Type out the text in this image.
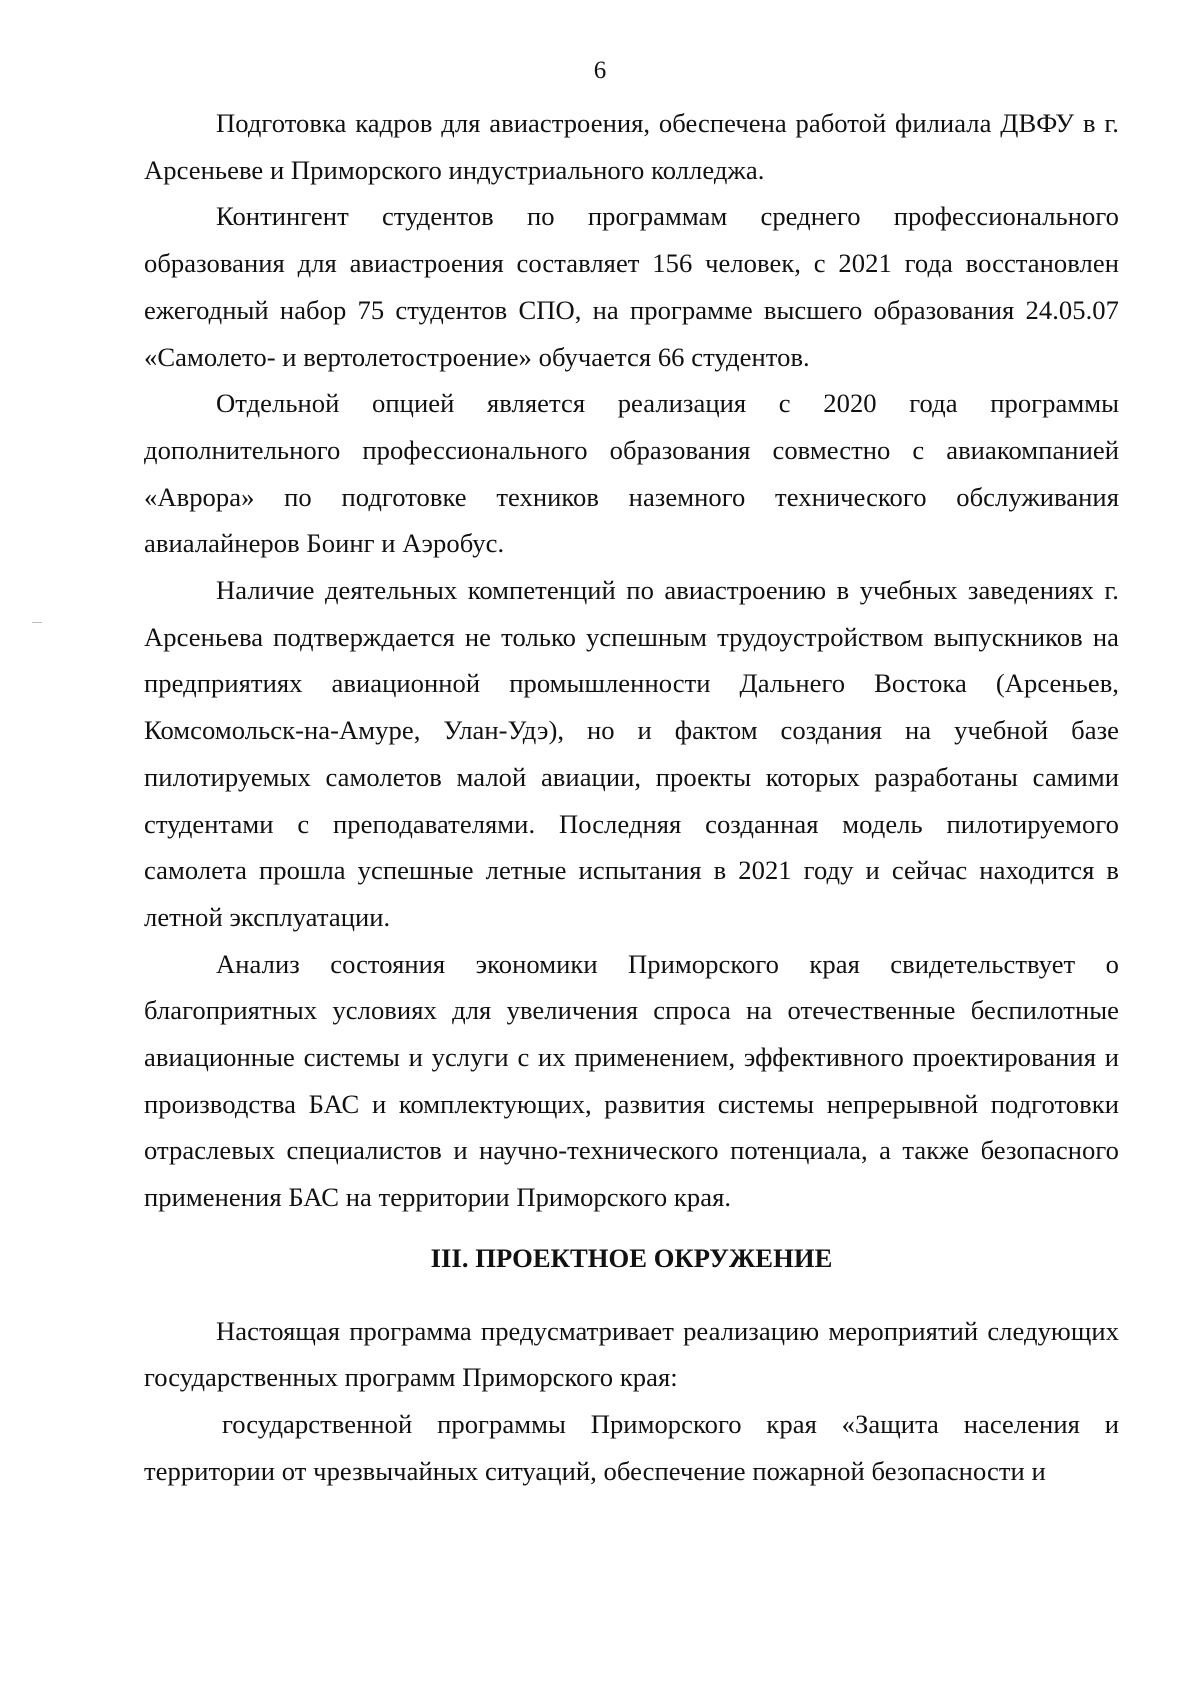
6

Подготовка кадров для авиастроения, обеспечена работой филиала ДВФУ в г. Арсеньеве и Приморского индустриального колледжа.

Контингент студентов по программам среднего профессионального образования для авиастроения составляет 156 человек, с 2021 года восстановлен ежегодный набор 75 студентов СПО, на программе высшего образования 24.05.07 «Самолето- и вертолетостроение» обучается 66 студентов.

Отдельной опцией является реализация с 2020 года программы дополнительного профессионального образования совместно с авиакомпанией «Аврора» по подготовке техников наземного технического обслуживания авиалайнеров Боинг и Аэробус.

Наличие деятельных компетенций по авиастроению в учебных заведениях г. Арсеньева подтверждается не только успешным трудоустройством выпускников на предприятиях авиационной промышленности Дальнего Востока (Арсеньев, Комсомольск-на-Амуре, Улан-Удэ), но и фактом создания на учебной базе пилотируемых самолетов малой авиации, проекты которых разработаны самими студентами с преподавателями. Последняя созданная модель пилотируемого самолета прошла успешные летные испытания в 2021 году и сейчас находится в летной эксплуатации.

Анализ состояния экономики Приморского края свидетельствует о благоприятных условиях для увеличения спроса на отечественные беспилотные авиационные системы и услуги с их применением, эффективного проектирования и производства БАС и комплектующих, развития системы непрерывной подготовки отраслевых специалистов и научно-технического потенциала, а также безопасного применения БАС на территории Приморского края.

III. ПРОЕКТНОЕ ОКРУЖЕНИЕ

Настоящая программа предусматривает реализацию мероприятий следующих государственных программ Приморского края:

государственной программы Приморского края «Защита населения и территории от чрезвычайных ситуаций, обеспечение пожарной безопасности и
